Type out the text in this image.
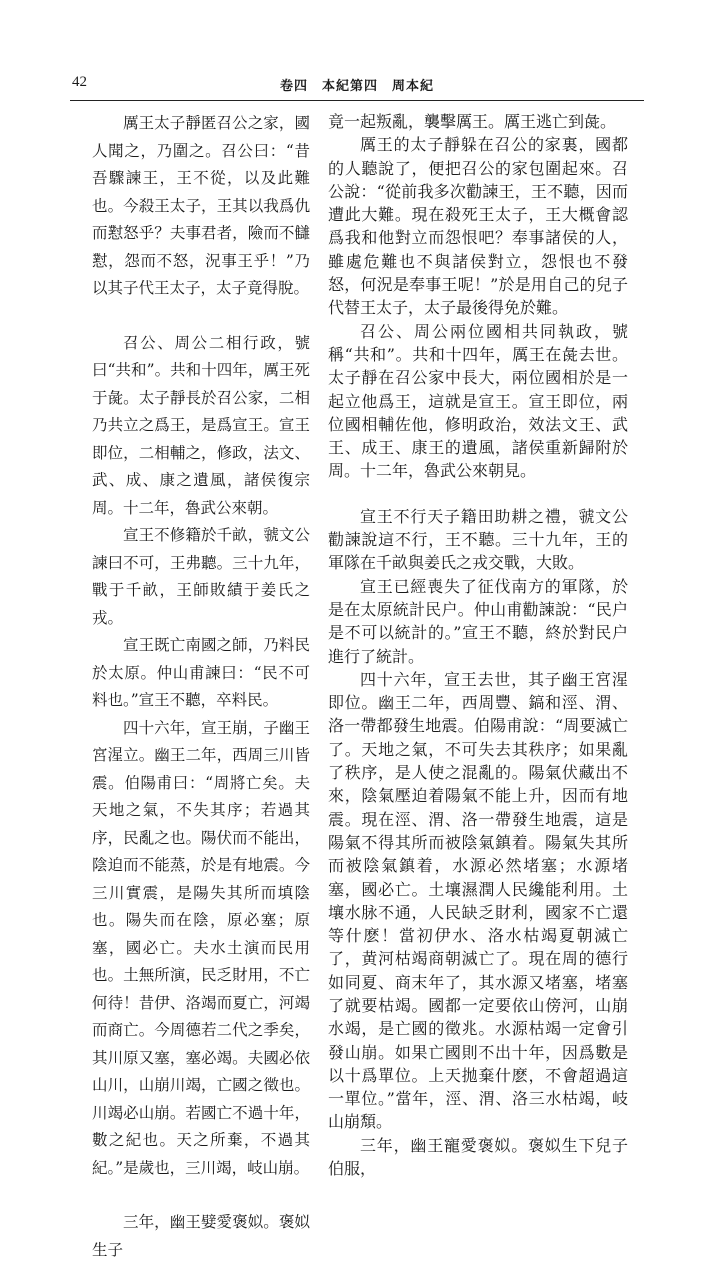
42	卷四　本紀第四　周本紀

厲王太子靜匿召公之家，國人聞之，乃圍之。召公曰：“昔吾驟諫王，王不從，以及此難也。今殺王太子，王其以我爲仇而懟怒乎？夫事君者，險而不讎懟，怨而不怒，況事王乎！”乃以其子代王太子，太子竟得脫。

召公、周公二相行政，號曰“共和”。共和十四年，厲王死于彘。太子靜長於召公家，二相乃共立之爲王，是爲宣王。宣王即位，二相輔之，修政，法文、武、成、康之遺風，諸侯復宗周。十二年，魯武公來朝。

宣王不修籍於千畝，虢文公諫曰不可，王弗聽。三十九年，戰于千畝，王師敗績于姜氏之戎。

宣王既亡南國之師，乃料民於太原。仲山甫諫曰：“民不可料也。”宣王不聽，卒料民。

四十六年，宣王崩，子幽王宮湦立。幽王二年，西周三川皆震。伯陽甫曰：“周將亡矣。夫天地之氣，不失其序；若過其序，民亂之也。陽伏而不能出，陰迫而不能蒸，於是有地震。今三川實震，是陽失其所而填陰也。陽失而在陰，原必塞；原塞，國必亡。夫水土演而民用也。土無所演，民乏財用，不亡何待！昔伊、洛竭而夏亡，河竭而商亡。今周德若二代之季矣，其川原又塞，塞必竭。夫國必依山川，山崩川竭，亡國之徵也。川竭必山崩。若國亡不過十年，數之紀也。天之所棄，不過其紀。”是歲也，三川竭，岐山崩。

三年，幽王嬖愛褒姒。褒姒生子

竟一起叛亂，襲擊厲王。厲王逃亡到彘。

厲王的太子靜躲在召公的家裏，國都的人聽說了，便把召公的家包圍起來。召公說：“從前我多次勸諫王，王不聽，因而遭此大難。現在殺死王太子，王大概會認爲我和他對立而怨恨吧？奉事諸侯的人，雖處危難也不與諸侯對立，怨恨也不發怒，何況是奉事王呢！”於是用自己的兒子代替王太子，太子最後得免於難。

召公、周公兩位國相共同執政，號稱“共和”。共和十四年，厲王在彘去世。太子靜在召公家中長大，兩位國相於是一起立他爲王，這就是宣王。宣王即位，兩位國相輔佐他，修明政治，效法文王、武王、成王、康王的遺風，諸侯重新歸附於周。十二年，魯武公來朝見。

宣王不行天子籍田助耕之禮，虢文公勸諫說這不行，王不聽。三十九年，王的軍隊在千畝與姜氏之戎交戰，大敗。

宣王已經喪失了征伐南方的軍隊，於是在太原統計民户。仲山甫勸諫說：“民户是不可以統計的。”宣王不聽，終於對民户進行了統計。

四十六年，宣王去世，其子幽王宮湦即位。幽王二年，西周豐、鎬和涇、渭、洛一帶都發生地震。伯陽甫說：“周要滅亡了。天地之氣，不可失去其秩序；如果亂了秩序，是人使之混亂的。陽氣伏藏出不來，陰氣壓迫着陽氣不能上升，因而有地震。現在涇、渭、洛一帶發生地震，這是陽氣不得其所而被陰氣鎮着。陽氣失其所而被陰氣鎮着，水源必然堵塞；水源堵塞，國必亡。土壤濕潤人民纔能利用。土壤水脉不通，人民缺乏財利，國家不亡還等什麽！當初伊水、洛水枯竭夏朝滅亡了，黄河枯竭商朝滅亡了。現在周的德行如同夏、商末年了，其水源又堵塞，堵塞了就要枯竭。國都一定要依山傍河，山崩水竭，是亡國的徵兆。水源枯竭一定會引發山崩。如果亡國則不出十年，因爲數是以十爲單位。上天拋棄什麽，不會超過這一單位。”當年，涇、渭、洛三水枯竭，岐山崩頽。

三年，幽王寵愛褒姒。褒姒生下兒子伯服，
